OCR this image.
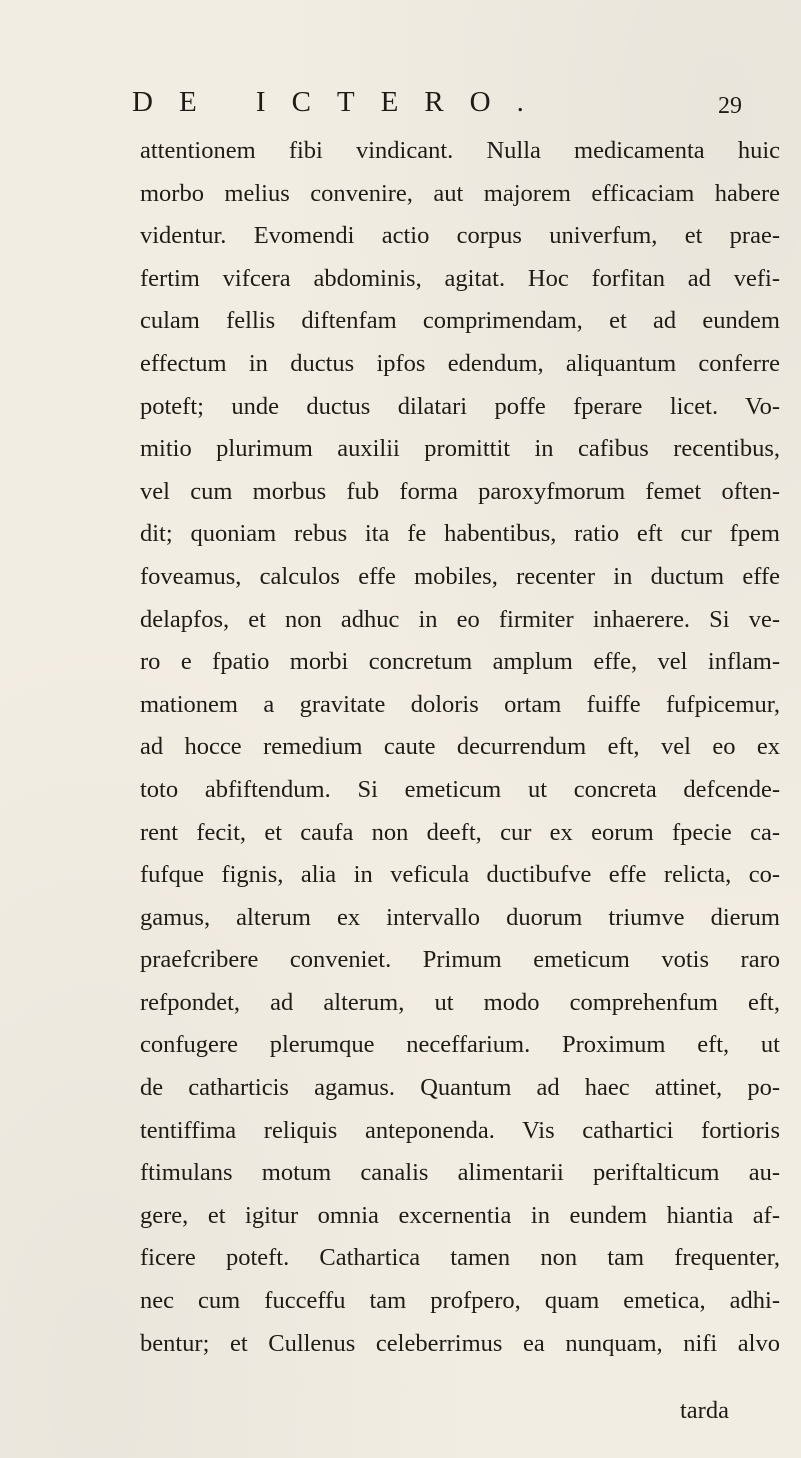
DE ICTERO.	29
attentionem fibi vindicant. Nulla medicamenta huic
morbo melius convenire, aut majorem efficaciam habere
videntur. Evomendi actio corpus univerfum, et prae-
fertim vifcera abdominis, agitat. Hoc forfitan ad vefi-
culam fellis diftenfam comprimendam, et ad eundem
effectum in ductus ipfos edendum, aliquantum conferre
poteft; unde ductus dilatari poffe fperare licet. Vo-
mitio plurimum auxilii promittit in cafibus recentibus,
vel cum morbus fub forma paroxyfmorum femet often-
dit; quoniam rebus ita fe habentibus, ratio eft cur fpem
foveamus, calculos effe mobiles, recenter in ductum effe
delapfos, et non adhuc in eo firmiter inhaerere. Si ve-
ro e fpatio morbi concretum amplum effe, vel inflam-
mationem a gravitate doloris ortam fuiffe fufpicemur,
ad hocce remedium caute decurrendum eft, vel eo ex
toto abfiftendum. Si emeticum ut concreta defcende-
rent fecit, et caufa non deeft, cur ex eorum fpecie ca-
fufque fignis, alia in veficula ductibufve effe relicta, co-
gamus, alterum ex intervallo duorum triumve dierum
praefcribere conveniet. Primum emeticum votis raro
refpondet, ad alterum, ut modo comprehenfum eft,
confugere plerumque neceffarium. Proximum eft, ut
de catharticis agamus. Quantum ad haec attinet, po-
tentiffima reliquis anteponenda. Vis cathartici fortioris
ftimulans motum canalis alimentarii periftalticum au-
gere, et igitur omnia excernentia in eundem hiantia af-
ficere poteft. Cathartica tamen non tam frequenter,
nec cum fucceffu tam profpero, quam emetica, adhi-
bentur; et Cullenus celeberrimus ea nunquam, nifi alvo
tarda
